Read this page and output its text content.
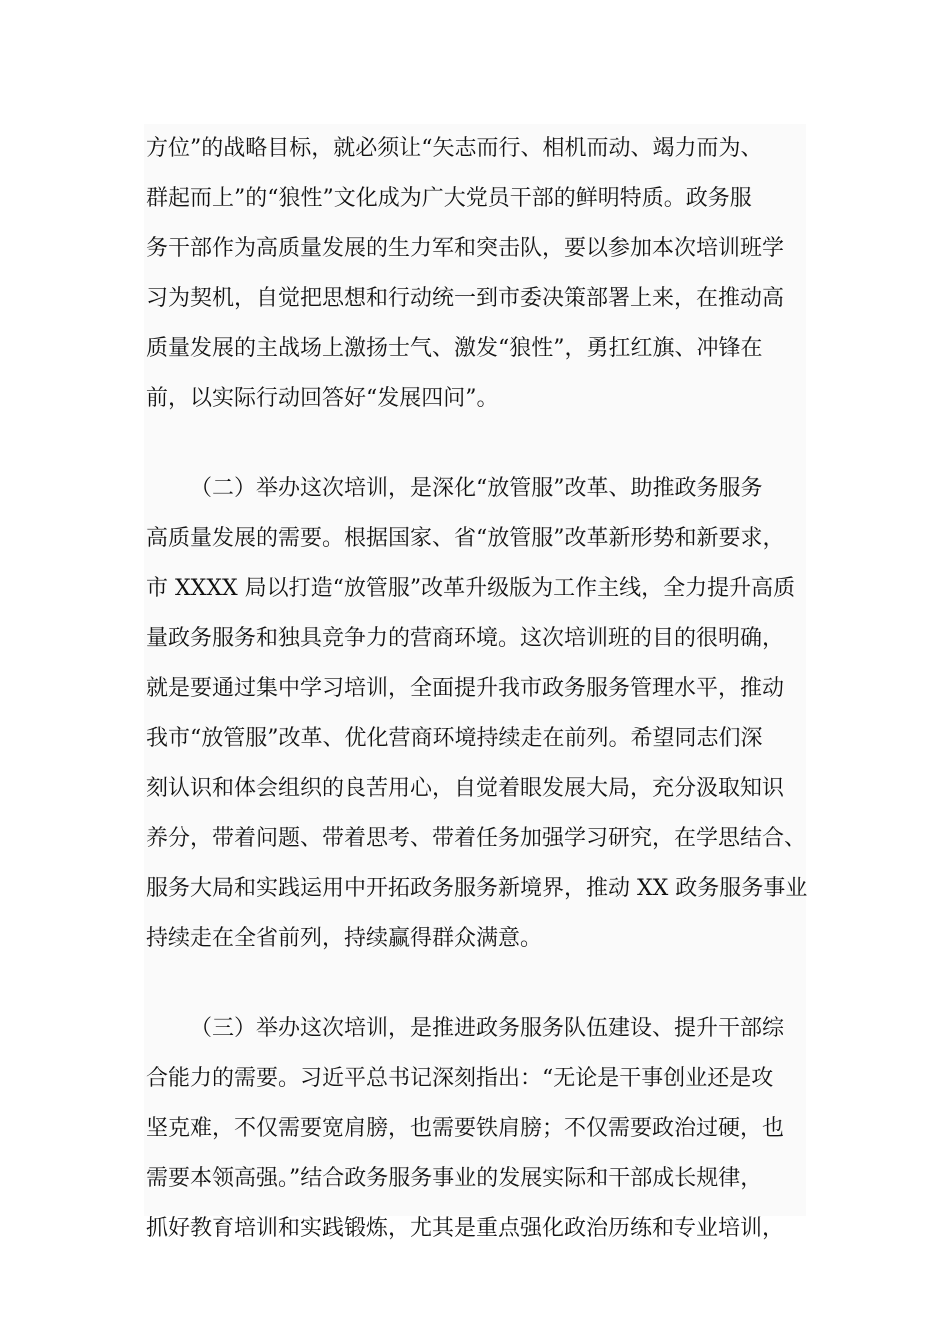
方位”的战略目标，就必须让“矢志而行、相机而动、竭力而为、
群起而上”的“狼性”文化成为广大党员干部的鲜明特质。政务服
务干部作为高质量发展的生力军和突击队，要以参加本次培训班学
习为契机，自觉把思想和行动统一到市委决策部署上来，在推动高
质量发展的主战场上激扬士气、激发“狼性”，勇扛红旗、冲锋在
前，以实际行动回答好“发展四问”。
（二）举办这次培训，是深化“放管服”改革、助推政务服务
高质量发展的需要。根据国家、省“放管服”改革新形势和新要求，
市 XXXX 局以打造“放管服”改革升级版为工作主线，全力提升高质
量政务服务和独具竞争力的营商环境。这次培训班的目的很明确，
就是要通过集中学习培训，全面提升我市政务服务管理水平，推动
我市“放管服”改革、优化营商环境持续走在前列。希望同志们深
刻认识和体会组织的良苦用心，自觉着眼发展大局，充分汲取知识
养分，带着问题、带着思考、带着任务加强学习研究，在学思结合、
服务大局和实践运用中开拓政务服务新境界，推动 XX 政务服务事业
持续走在全省前列，持续赢得群众满意。
（三）举办这次培训，是推进政务服务队伍建设、提升干部综
合能力的需要。习近平总书记深刻指出：“无论是干事创业还是攻
坚克难，不仅需要宽肩膀，也需要铁肩膀；不仅需要政治过硬，也
需要本领高强。”结合政务服务事业的发展实际和干部成长规律，
抓好教育培训和实践锻炼，尤其是重点强化政治历练和专业培训，
